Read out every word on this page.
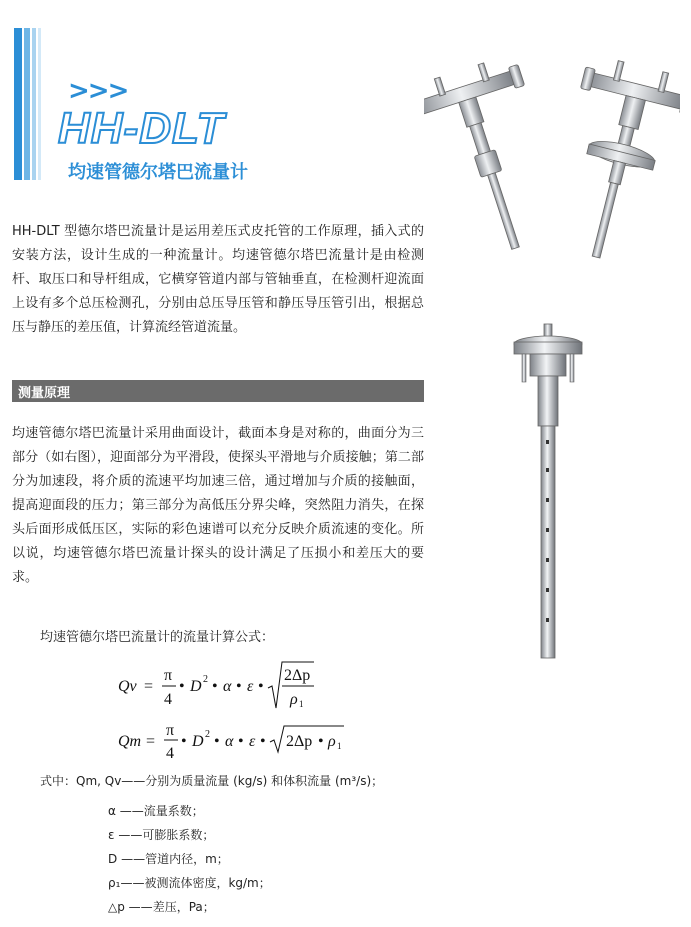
>>>
HH-DLT
均速管德尔塔巴流量计
HH-DLT 型德尔塔巴流量计是运用差压式皮托管的工作原理，插入式的安装方法，设计生成的一种流量计。均速管德尔塔巴流量计是由检测杆、取压口和导杆组成，它横穿管道内部与管轴垂直，在检测杆迎流面上设有多个总压检测孔，分别由总压导压管和静压导压管引出，根据总压与静压的差压值，计算流经管道流量。
测量原理
均速管德尔塔巴流量计采用曲面设计，截面本身是对称的，曲面分为三部分（如右图），迎面部分为平滑段，使探头平滑地与介质接触；第二部分为加速段，将介质的流速平均加速三倍，通过增加与介质的接触面，提高迎面段的压力；第三部分为高低压分界尖峰，突然阻力消失，在探头后面形成低压区，实际的彩色速谱可以充分反映介质流速的变化。所以说，均速管德尔塔巴流量计探头的设计满足了压损小和差压大的要求。
均速管德尔塔巴流量计的流量计算公式：
Qv =
π
4
• D 2 • α • ε •
2Δp
ρ 1
Qm =
π
4
• D 2 • α • ε • 2Δp • ρ 1
式中：Qm, Qv——分别为质量流量 (kg/s) 和体积流量 (m³/s)；
α ——流量系数；
ε ——可膨胀系数；
D ——管道内径，m；
ρ₁——被测流体密度，kg/m；
△p ——差压，Pa；
